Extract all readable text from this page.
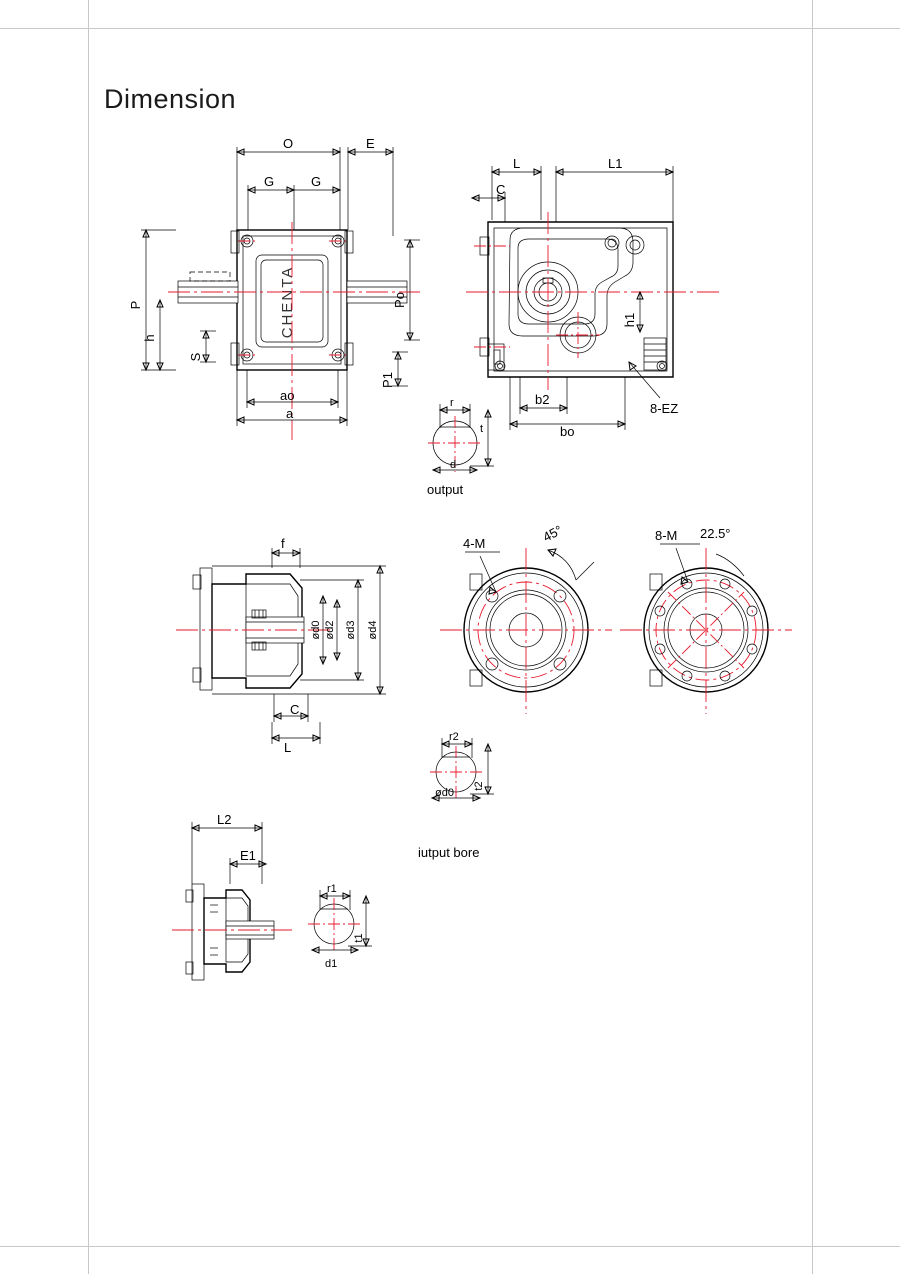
Dimension
O	E
G	G
CHENTA
P
h
S
Po
P1
ao
a
L	L1
C
h1
b2
bo
8-EZ
r
t
d
output
f
ød0 ød2 ød3 ød4
C
L
4-M	45°	8-M 22.5°
r2
t2
ød0
iutput bore
L2
E1
r1
t1
d1
